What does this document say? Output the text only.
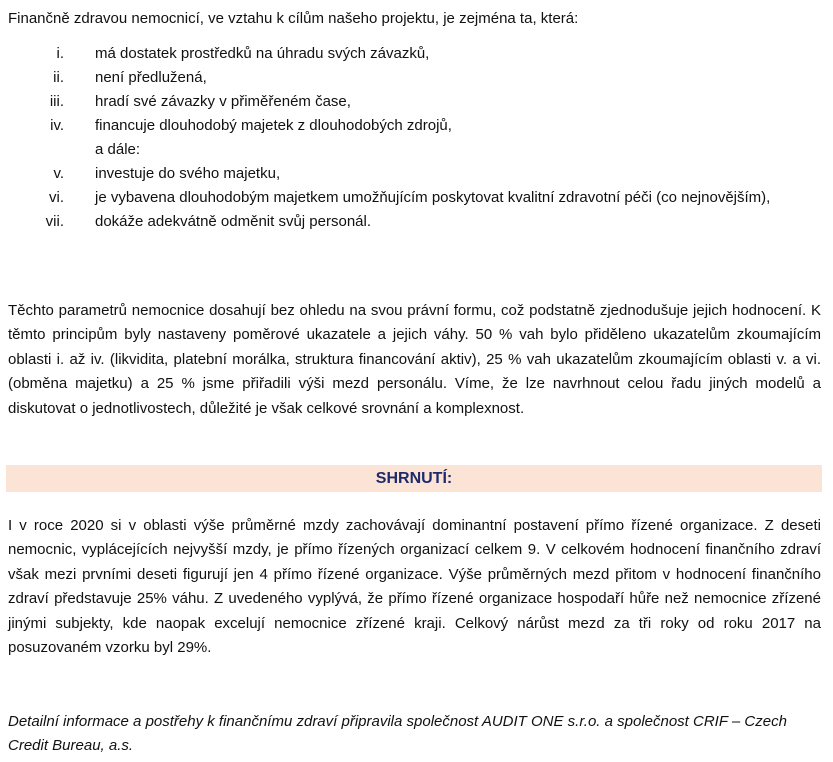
Finančně zdravou nemocnicí, ve vztahu k cílům našeho projektu, je zejména ta, která:

i.	má dostatek prostředků na úhradu svých závazků,
ii.	není předlužená,
iii.	hradí své závazky v přiměřeném čase,
iv.	financuje dlouhodobý majetek z dlouhodobých zdrojů,
a dále:
v.	investuje do svého majetku,
vi.	je vybavena dlouhodobým majetkem umožňujícím poskytovat kvalitní zdravotní péči (co nejnovějším),
vii.	dokáže adekvátně odměnit svůj personál.

Těchto parametrů nemocnice dosahují bez ohledu na svou právní formu, což podstatně zjednodušuje jejich hodnocení. K těmto principům byly nastaveny poměrové ukazatele a jejich váhy. 50 % vah bylo přiděleno ukazatelům zkoumajícím oblasti i. až iv. (likvidita, platební morálka, struktura financování aktiv), 25 % vah ukazatelům zkoumajícím oblasti v. a vi. (obměna majetku) a 25 % jsme přiřadili výši mezd personálu. Víme, že lze navrhnout celou řadu jiných modelů a diskutovat o jednotlivostech, důležité je však celkové srovnání a komplexnost.

SHRNUTÍ:

I v roce 2020 si v oblasti výše průměrné mzdy zachovávají dominantní postavení přímo řízené organizace. Z deseti nemocnic, vyplácejících nejvyšší mzdy, je přímo řízených organizací celkem 9. V celkovém hodnocení finančního zdraví však mezi prvními deseti figurují jen 4 přímo řízené organizace. Výše průměrných mezd přitom v hodnocení finančního zdraví představuje 25% váhu. Z uvedeného vyplývá, že přímo řízené organizace hospodaří hůře než nemocnice zřízené jinými subjekty, kde naopak excelují nemocnice zřízené kraji. Celkový nárůst mezd za tři roky od roku 2017 na posuzovaném vzorku byl 29%.

Detailní informace a postřehy k finančnímu zdraví připravila společnost AUDIT ONE s.r.o. a společnost CRIF – Czech Credit Bureau, a.s.
